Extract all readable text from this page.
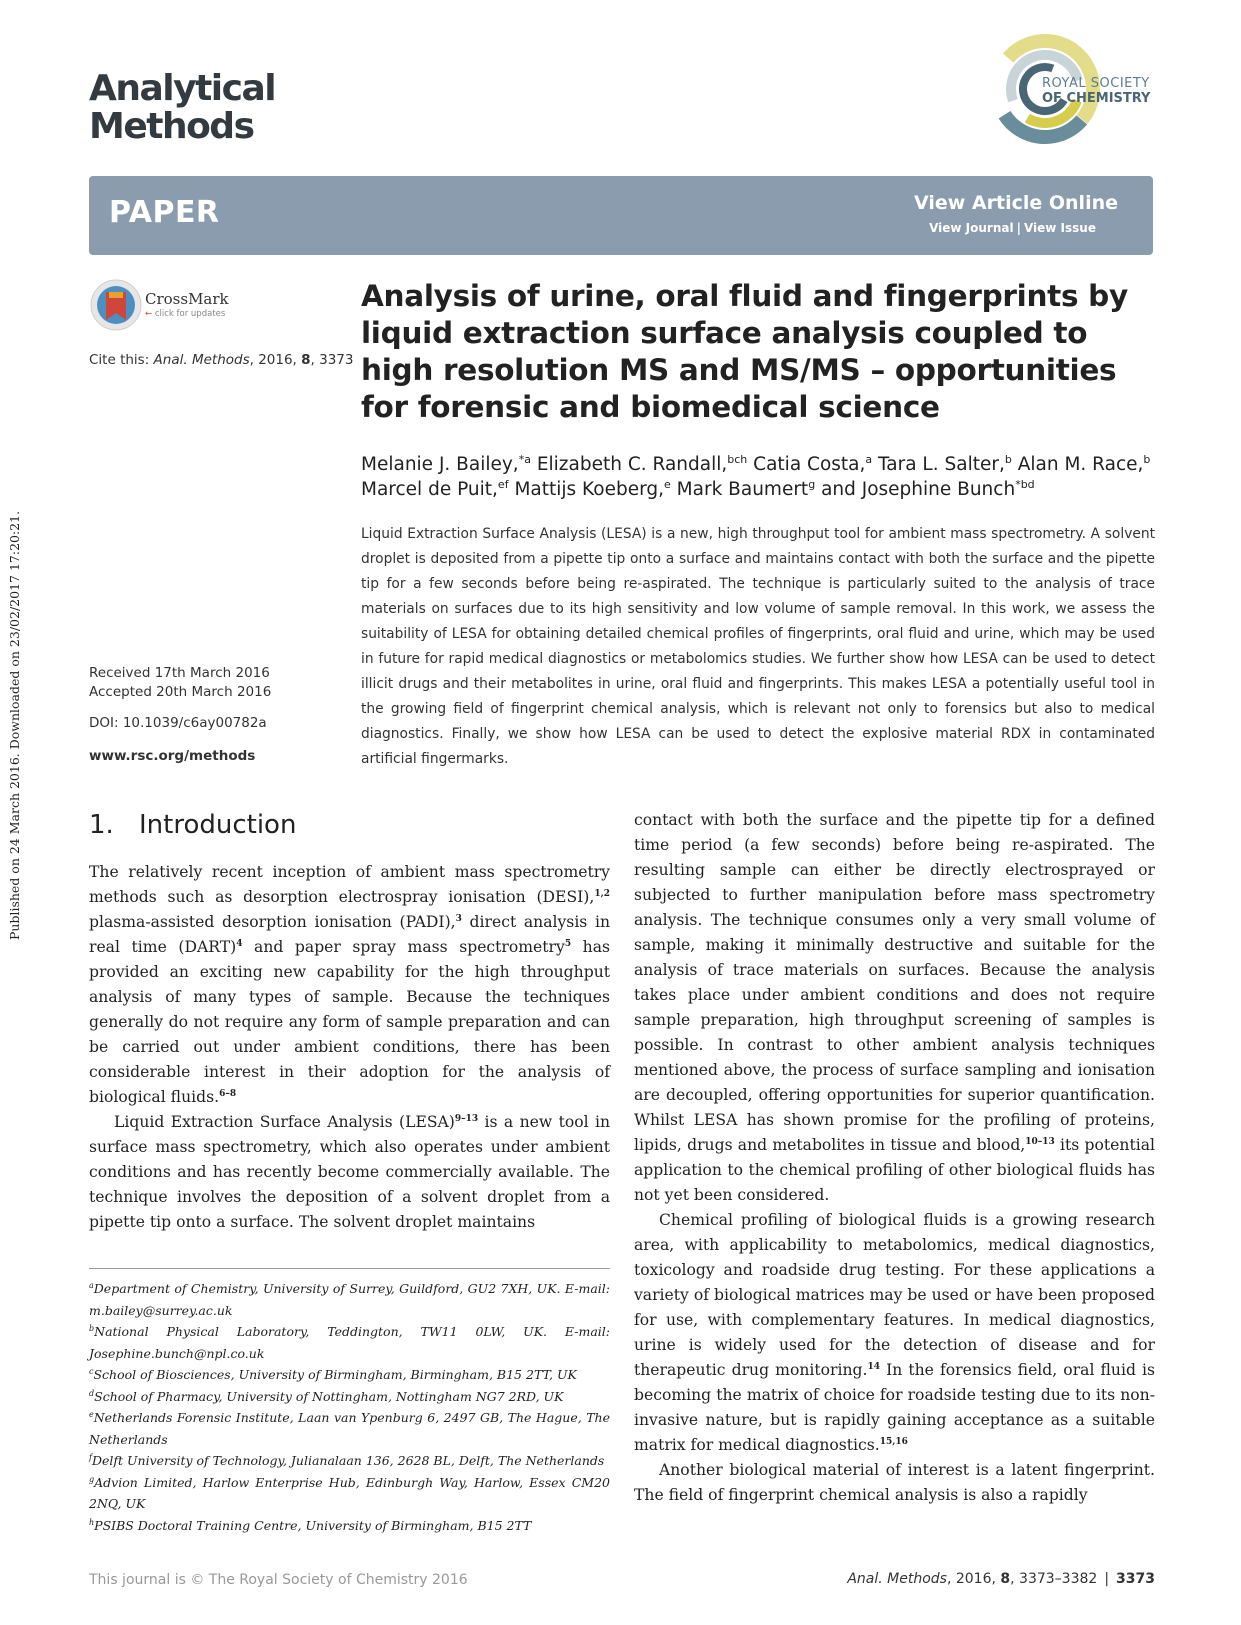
Published on 24 March 2016. Downloaded on 23/02/2017 17:20:21.
Analytical
Methods
ROYAL SOCIETY
OF CHEMISTRY
PAPER	View Article Online
View Journal | View Issue
CrossMark
← click for updates
Cite this: Anal. Methods, 2016, 8, 3373
Received 17th March 2016
Accepted 20th March 2016
DOI: 10.1039/c6ay00782a
www.rsc.org/methods
Analysis of urine, oral fluid and fingerprints by liquid extraction surface analysis coupled to high resolution MS and MS/MS – opportunities for forensic and biomedical science
Melanie J. Bailey,$^{*a}$ Elizabeth C. Randall,$^{bch}$ Catia Costa,$^a$ Tara L. Salter,$^b$ Alan M. Race,$^b$
Marcel de Puit,$^{ef}$ Mattijs Koeberg,$^e$ Mark Baumert$^g$ and Josephine Bunch$^{*bd}$
Liquid Extraction Surface Analysis (LESA) is a new, high throughput tool for ambient mass spectrometry. A solvent droplet is deposited from a pipette tip onto a surface and maintains contact with both the surface and the pipette tip for a few seconds before being re-aspirated. The technique is particularly suited to the analysis of trace materials on surfaces due to its high sensitivity and low volume of sample removal. In this work, we assess the suitability of LESA for obtaining detailed chemical profiles of fingerprints, oral fluid and urine, which may be used in future for rapid medical diagnostics or metabolomics studies. We further show how LESA can be used to detect illicit drugs and their metabolites in urine, oral fluid and fingerprints. This makes LESA a potentially useful tool in the growing field of fingerprint chemical analysis, which is relevant not only to forensics but also to medical diagnostics. Finally, we show how LESA can be used to detect the explosive material RDX in contaminated artificial fingermarks.
1. Introduction

The relatively recent inception of ambient mass spectrometry methods such as desorption electrospray ionisation (DESI),$^{1,2}$ plasma-assisted desorption ionisation (PADI),$^3$ direct analysis in real time (DART)$^4$ and paper spray mass spectrometry$^5$ has provided an exciting new capability for the high throughput analysis of many types of sample. Because the techniques generally do not require any form of sample preparation and can be carried out under ambient conditions, there has been considerable interest in their adoption for the analysis of biological fluids.$^{6-8}$

Liquid Extraction Surface Analysis (LESA)$^{9-13}$ is a new tool in surface mass spectrometry, which also operates under ambient conditions and has recently become commercially available. The technique involves the deposition of a solvent droplet from a pipette tip onto a surface. The solvent droplet maintains

contact with both the surface and the pipette tip for a defined time period (a few seconds) before being re-aspirated. The resulting sample can either be directly electrosprayed or subjected to further manipulation before mass spectrometry analysis. The technique consumes only a very small volume of sample, making it minimally destructive and suitable for the analysis of trace materials on surfaces. Because the analysis takes place under ambient conditions and does not require sample preparation, high throughput screening of samples is possible. In contrast to other ambient analysis techniques mentioned above, the process of surface sampling and ionisation are decoupled, offering opportunities for superior quantification. Whilst LESA has shown promise for the profiling of proteins, lipids, drugs and metabolites in tissue and blood,$^{10-13}$ its potential application to the chemical profiling of other biological fluids has not yet been considered.

Chemical profiling of biological fluids is a growing research area, with applicability to metabolomics, medical diagnostics, toxicology and roadside drug testing. For these applications a variety of biological matrices may be used or have been proposed for use, with complementary features. In medical diagnostics, urine is widely used for the detection of disease and for therapeutic drug monitoring.$^{14}$ In the forensics field, oral fluid is becoming the matrix of choice for roadside testing due to its non-invasive nature, but is rapidly gaining acceptance as a suitable matrix for medical diagnostics.$^{15,16}$

Another biological material of interest is a latent fingerprint. The field of fingerprint chemical analysis is also a rapidly

$^a$Department of Chemistry, University of Surrey, Guildford, GU2 7XH, UK. E-mail: m.bailey@surrey.ac.uk
$^b$National Physical Laboratory, Teddington, TW11 0LW, UK. E-mail: Josephine.bunch@npl.co.uk
$^c$School of Biosciences, University of Birmingham, Birmingham, B15 2TT, UK
$^d$School of Pharmacy, University of Nottingham, Nottingham NG7 2RD, UK
$^e$Netherlands Forensic Institute, Laan van Ypenburg 6, 2497 GB, The Hague, The Netherlands
$^f$Delft University of Technology, Julianalaan 136, 2628 BL, Delft, The Netherlands
$^g$Advion Limited, Harlow Enterprise Hub, Edinburgh Way, Harlow, Essex CM20 2NQ, UK
$^h$PSIBS Doctoral Training Centre, University of Birmingham, B15 2TT
This journal is © The Royal Society of Chemistry 2016	Anal. Methods, 2016, 8, 3373–3382 | 3373
